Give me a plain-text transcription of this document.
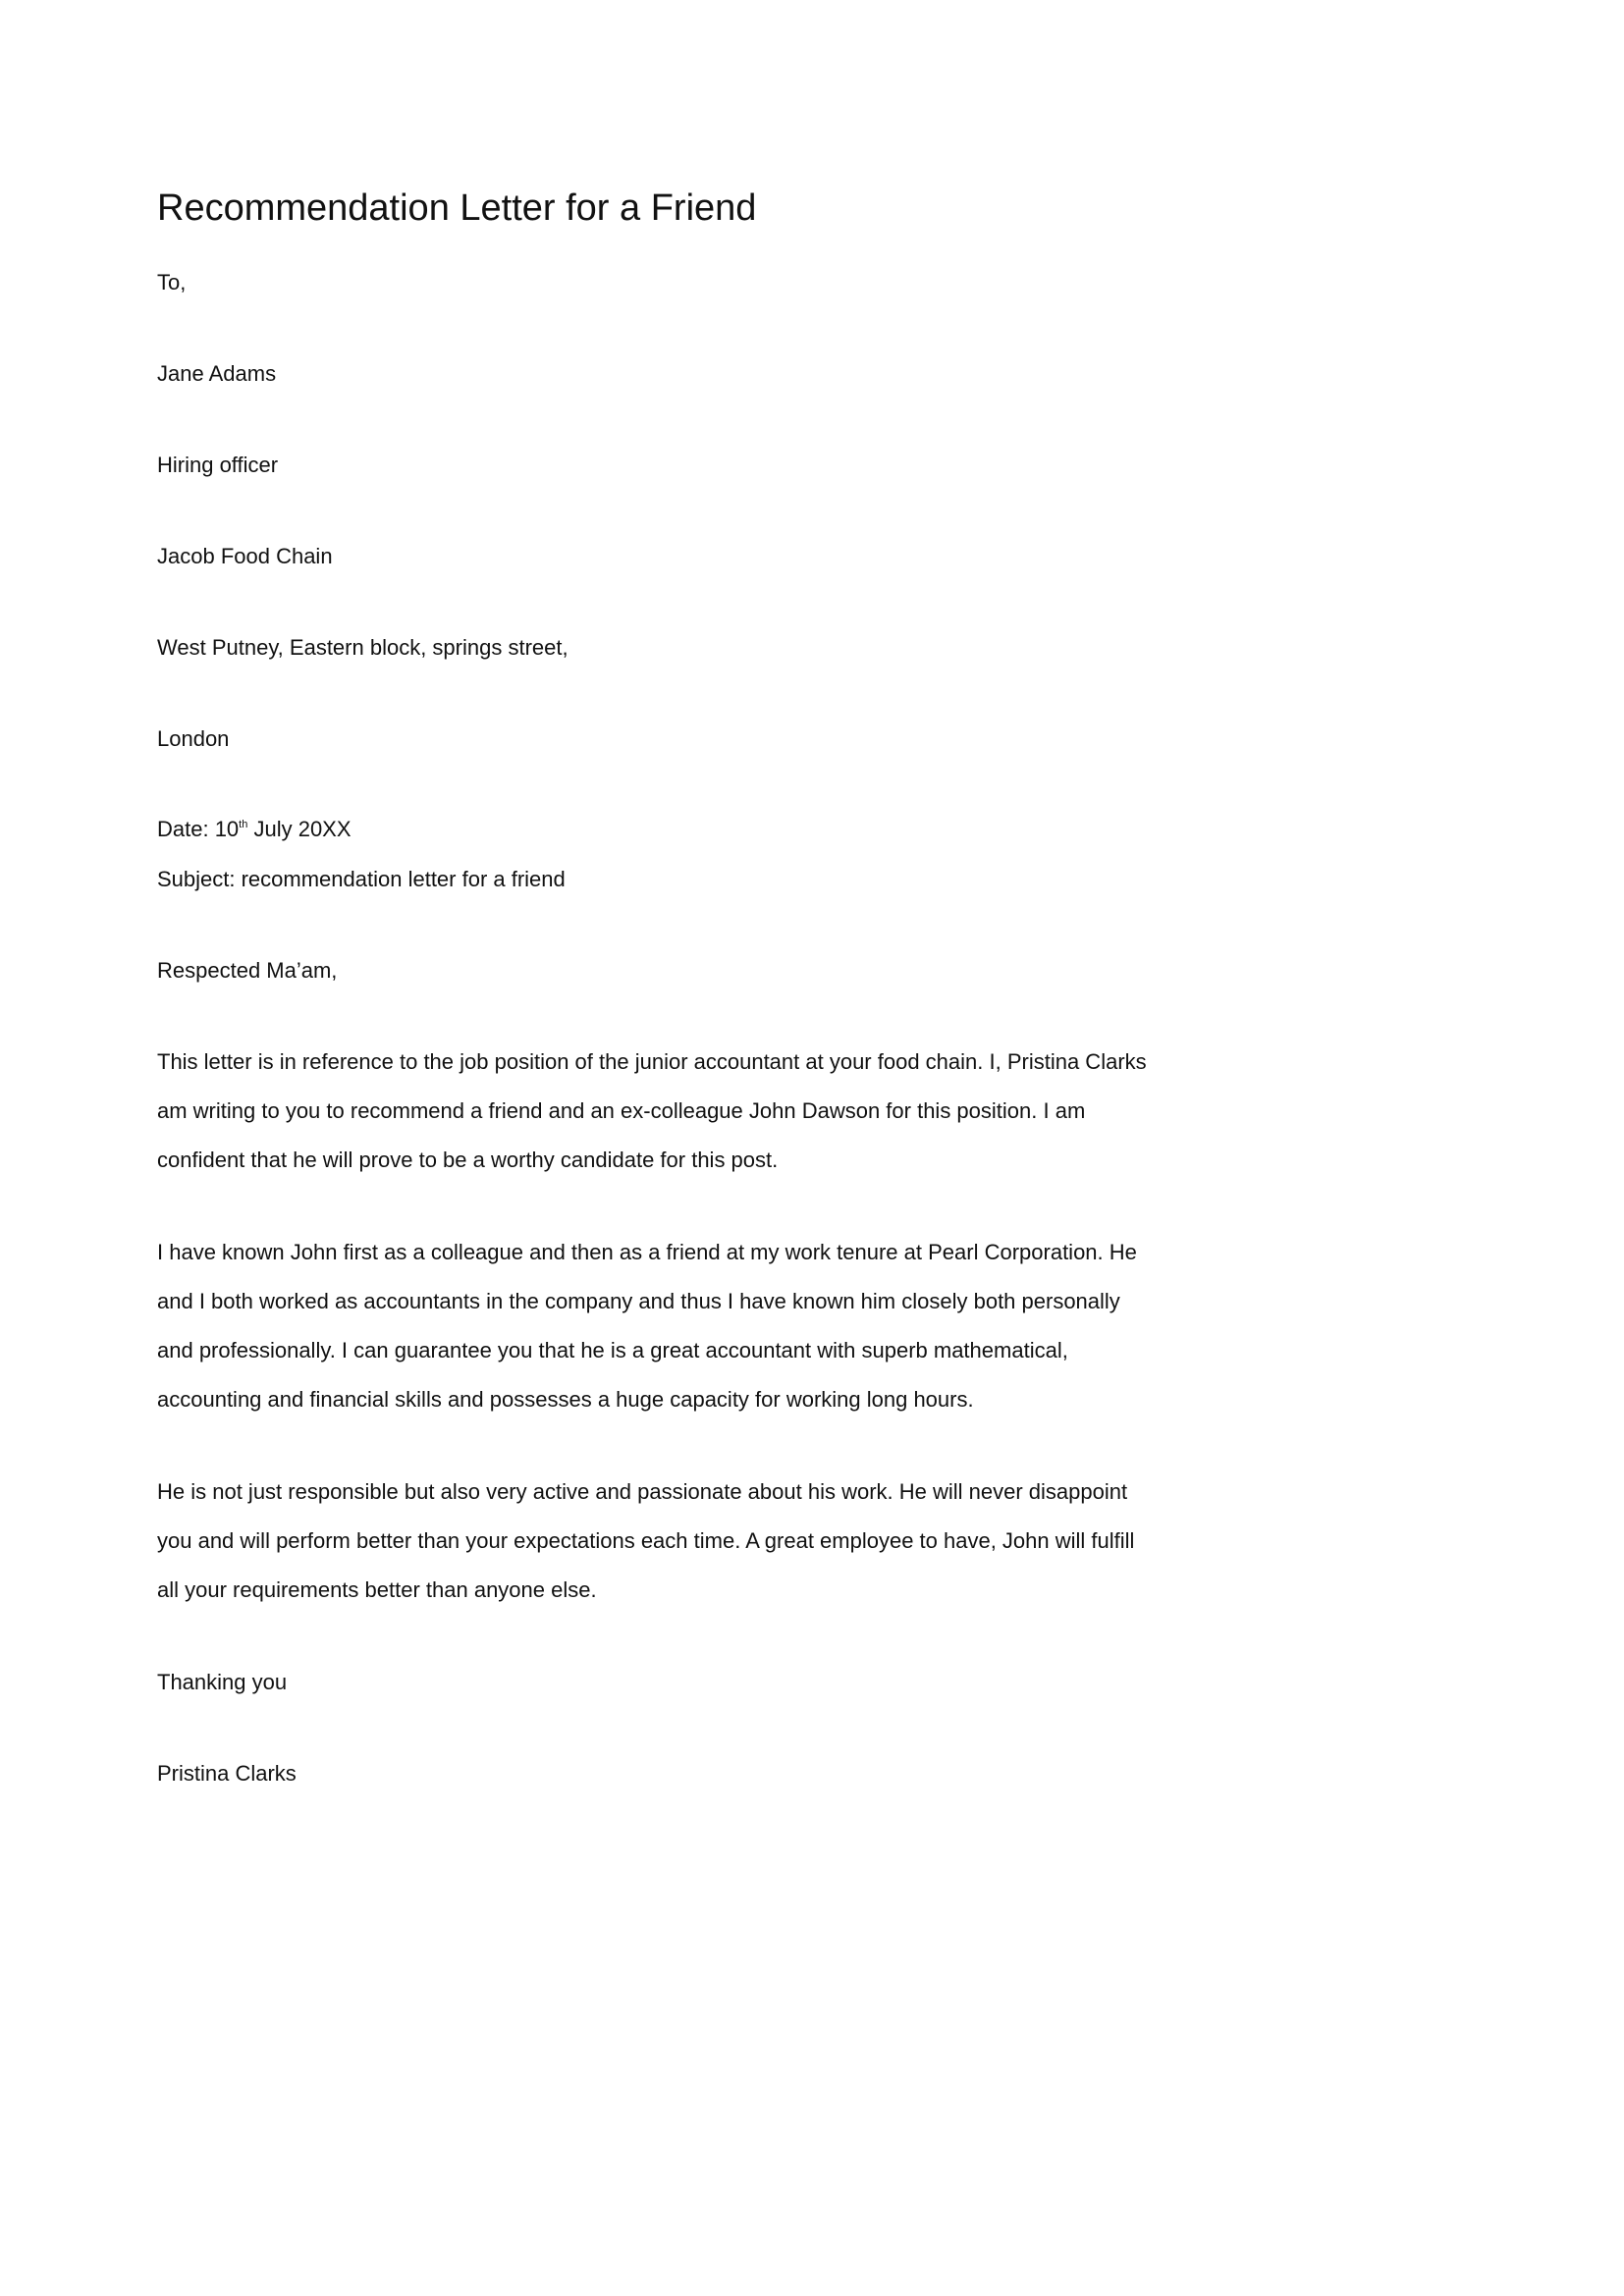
Recommendation Letter for a Friend
To,
Jane Adams
Hiring officer
Jacob Food Chain
West Putney, Eastern block, springs street,
London
Date: 10th July 20XX
Subject: recommendation letter for a friend
Respected Ma’am,
This letter is in reference to the job position of the junior accountant at your food chain. I, Pristina Clarks
am writing to you to recommend a friend and an ex-colleague John Dawson for this position. I am
confident that he will prove to be a worthy candidate for this post.
I have known John first as a colleague and then as a friend at my work tenure at Pearl Corporation. He
and I both worked as accountants in the company and thus I have known him closely both personally
and professionally. I can guarantee you that he is a great accountant with superb mathematical,
accounting and financial skills and possesses a huge capacity for working long hours.
He is not just responsible but also very active and passionate about his work. He will never disappoint
you and will perform better than your expectations each time. A great employee to have, John will fulfill
all your requirements better than anyone else.
Thanking you
Pristina Clarks
